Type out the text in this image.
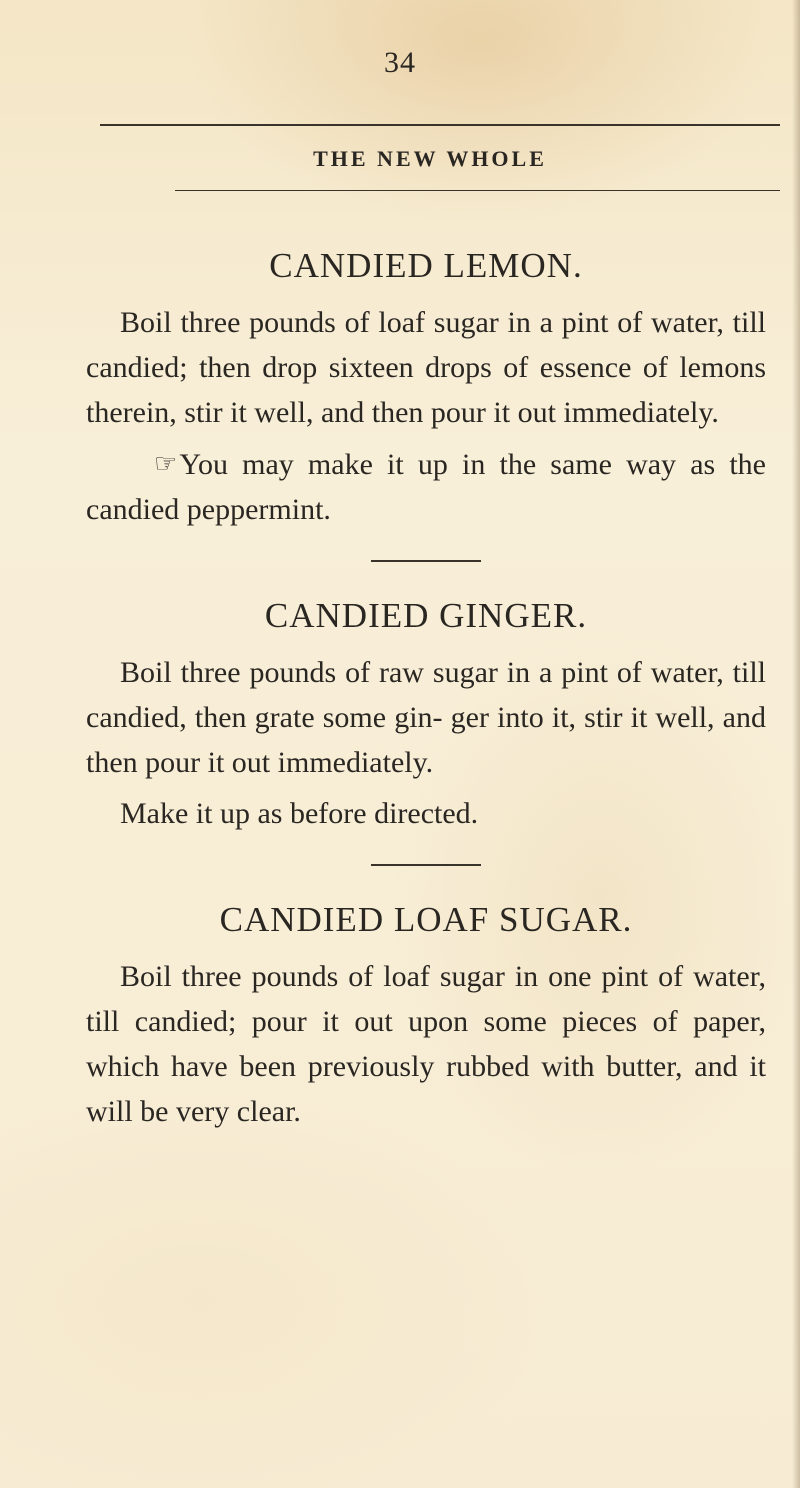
34
THE NEW WHOLE
CANDIED LEMON.

Boil three pounds of loaf sugar in a pint of water, till candied; then drop sixteen drops of essence of lemons therein, stir it well, and then pour it out immediately.

☞You may make it up in the same way as the candied peppermint.

CANDIED GINGER.

Boil three pounds of raw sugar in a pint of water, till candied, then grate some gin- ger into it, stir it well, and then pour it out immediately.

Make it up as before directed.

CANDIED LOAF SUGAR.

Boil three pounds of loaf sugar in one pint of water, till candied; pour it out upon some pieces of paper, which have been previously rubbed with butter, and it will be very clear.
